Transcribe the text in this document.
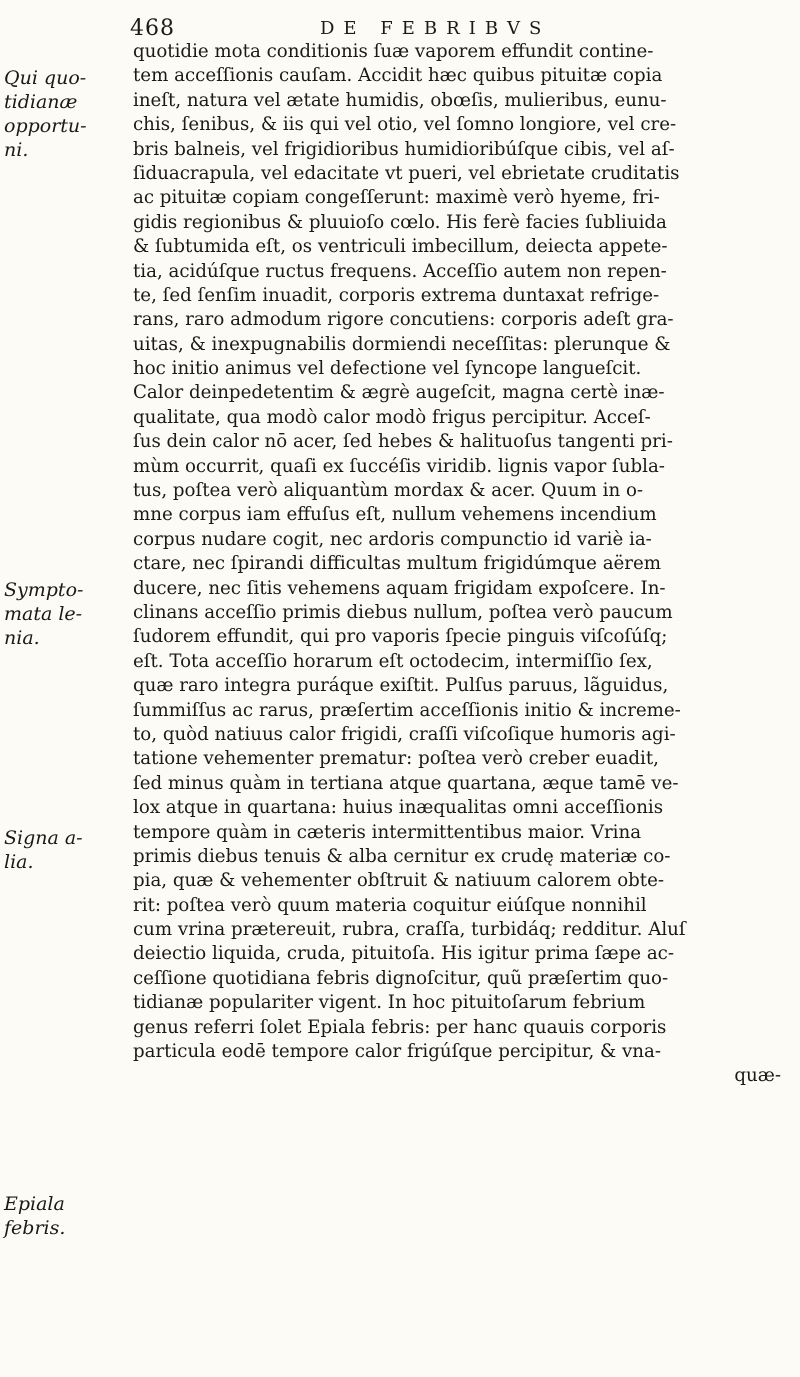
468	DE FEBRIBVS
Qui quo-
tidianæ
opportu-
ni.
Sympto-
mata le-
nia.
Signa a-
lia.
Epiala
febris.
quotidie mota conditionis ſuæ vaporem effundit contine-
tem acceſſionis cauſam. Accidit hæc quibus pituitæ copia
ineſt, natura vel ætate humidis, obœſis, mulieribus, eunu-
chis, ſenibus, & iis qui vel otio, vel ſomno longiore, vel cre-
bris balneis, vel frigidioribus humidioribúſque cibis, vel aſ-
ſiduacrapula, vel edacitate vt pueri, vel ebrietate cruditatis
ac pituitæ copiam congeſſerunt: maximè verò hyeme, fri-
gidis regionibus & pluuioſo cœlo. His ferè facies ſubliuida
& ſubtumida eſt, os ventriculi imbecillum, deiecta appete-
tia, acidúſque ructus frequens. Acceſſio autem non repen-
te, ſed ſenſim inuadit, corporis extrema duntaxat refrige-
rans, raro admodum rigore concutiens: corporis adeſt gra-
uitas, & inexpugnabilis dormiendi neceſſitas: plerunque &
hoc initio animus vel defectione vel ſyncope langueſcit.
Calor deinpedetentim & ægrè augeſcit, magna certè inæ-
qualitate, qua modò calor modò frigus percipitur. Acceſ-
ſus dein calor nō acer, ſed hebes & halituoſus tangenti pri-
mùm occurrit, quaſi ex ſuccéſis viridib. lignis vapor ſubla-
tus, poſtea verò aliquantùm mordax & acer. Quum in o-
mne corpus iam effuſus eſt, nullum vehemens incendium
corpus nudare cogit, nec ardoris compunctio id variè ia-
ctare, nec ſpirandi difficultas multum frigidúmque aërem
ducere, nec ſitis vehemens aquam frigidam expoſcere. In-
clinans acceſſio primis diebus nullum, poſtea verò paucum
ſudorem effundit, qui pro vaporis ſpecie pinguis viſcoſúſq;
eſt. Tota acceſſio horarum eſt octodecim, intermiſſio ſex,
quæ raro integra puráque exiſtit. Pulſus paruus, lãguidus,
ſummiſſus ac rarus, præſertim acceſſionis initio & increme-
to, quòd natiuus calor frigidi, craſſi viſcoſique humoris agi-
tatione vehementer prematur: poſtea verò creber euadit,
ſed minus quàm in tertiana atque quartana, æque tamē ve-
lox atque in quartana: huius inæqualitas omni acceſſionis
tempore quàm in cæteris intermittentibus maior. Vrina
primis diebus tenuis & alba cernitur ex crudę materiæ co-
pia, quæ & vehementer obſtruit & natiuum calorem obte-
rit: poſtea verò quum materia coquitur eiúſque nonnihil
cum vrina prætereuit, rubra, craſſa, turbidáq; redditur. Aluſ
deiectio liquida, cruda, pituitoſa. His igitur prima ſæpe ac-
ceſſione quotidiana febris dignoſcitur, quũ præſertim quo-
tidianæ populariter vigent. In hoc pituitoſarum febrium
genus referri ſolet Epiala febris: per hanc quauis corporis
particula eodē tempore calor frigúſque percipitur, & vna-
quæ-
